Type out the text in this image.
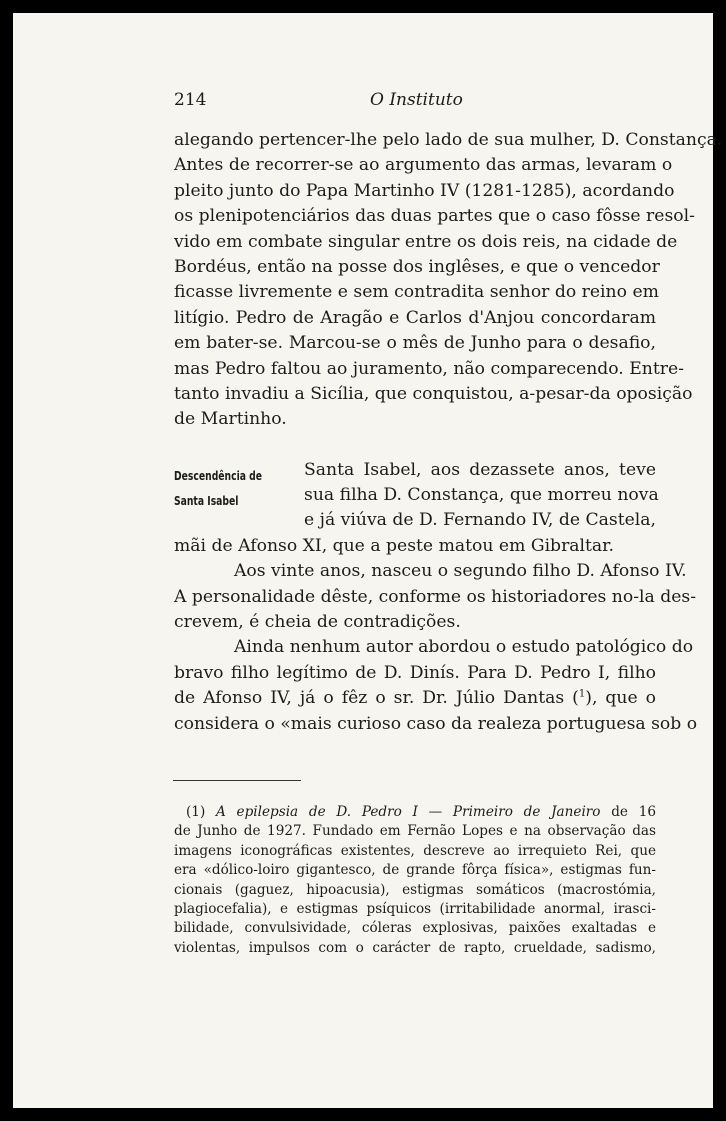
214	O Instituto
alegando pertencer-lhe pelo lado de sua mulher, D. Constança.
Antes de recorrer-se ao argumento das armas, levaram o
pleito junto do Papa Martinho IV (1281-1285), acordando
os plenipotenciários das duas partes que o caso fôsse resol-
vido em combate singular entre os dois reis, na cidade de
Bordéus, então na posse dos inglêses, e que o vencedor
ficasse livremente e sem contradita senhor do reino em
litígio. Pedro de Aragão e Carlos d'Anjou concordaram
em bater-se. Marcou-se o mês de Junho para o desafio,
mas Pedro faltou ao juramento, não comparecendo. Entre-
tanto invadiu a Sicília, que conquistou, a-pesar-da oposição
de Martinho.
Descendência de
Santa Isabel
Santa Isabel, aos dezassete anos, teve
sua filha D. Constança, que morreu nova
e já viúva de D. Fernando IV, de Castela,
mãi de Afonso XI, que a peste matou em Gibraltar.
Aos vinte anos, nasceu o segundo filho D. Afonso IV.
A personalidade dêste, conforme os historiadores no-la des-
crevem, é cheia de contradições.
Ainda nenhum autor abordou o estudo patológico do
bravo filho legítimo de D. Dinís. Para D. Pedro I, filho
de Afonso IV, já o fêz o sr. Dr. Júlio Dantas ($^1$), que o
considera o «mais curioso caso da realeza portuguesa sob o
(1) A epilepsia de D. Pedro I — Primeiro de Janeiro de 16
de Junho de 1927. Fundado em Fernão Lopes e na observação das
imagens iconográficas existentes, descreve ao irrequieto Rei, que
era «dólico-loiro gigantesco, de grande fôrça física», estigmas fun-
cionais (gaguez, hipoacusia), estigmas somáticos (macrostómia,
plagiocefalia), e estigmas psíquicos (irritabilidade anormal, irasci-
bilidade, convulsividade, cóleras explosivas, paixões exaltadas e
violentas, impulsos com o carácter de rapto, crueldade, sadismo,
